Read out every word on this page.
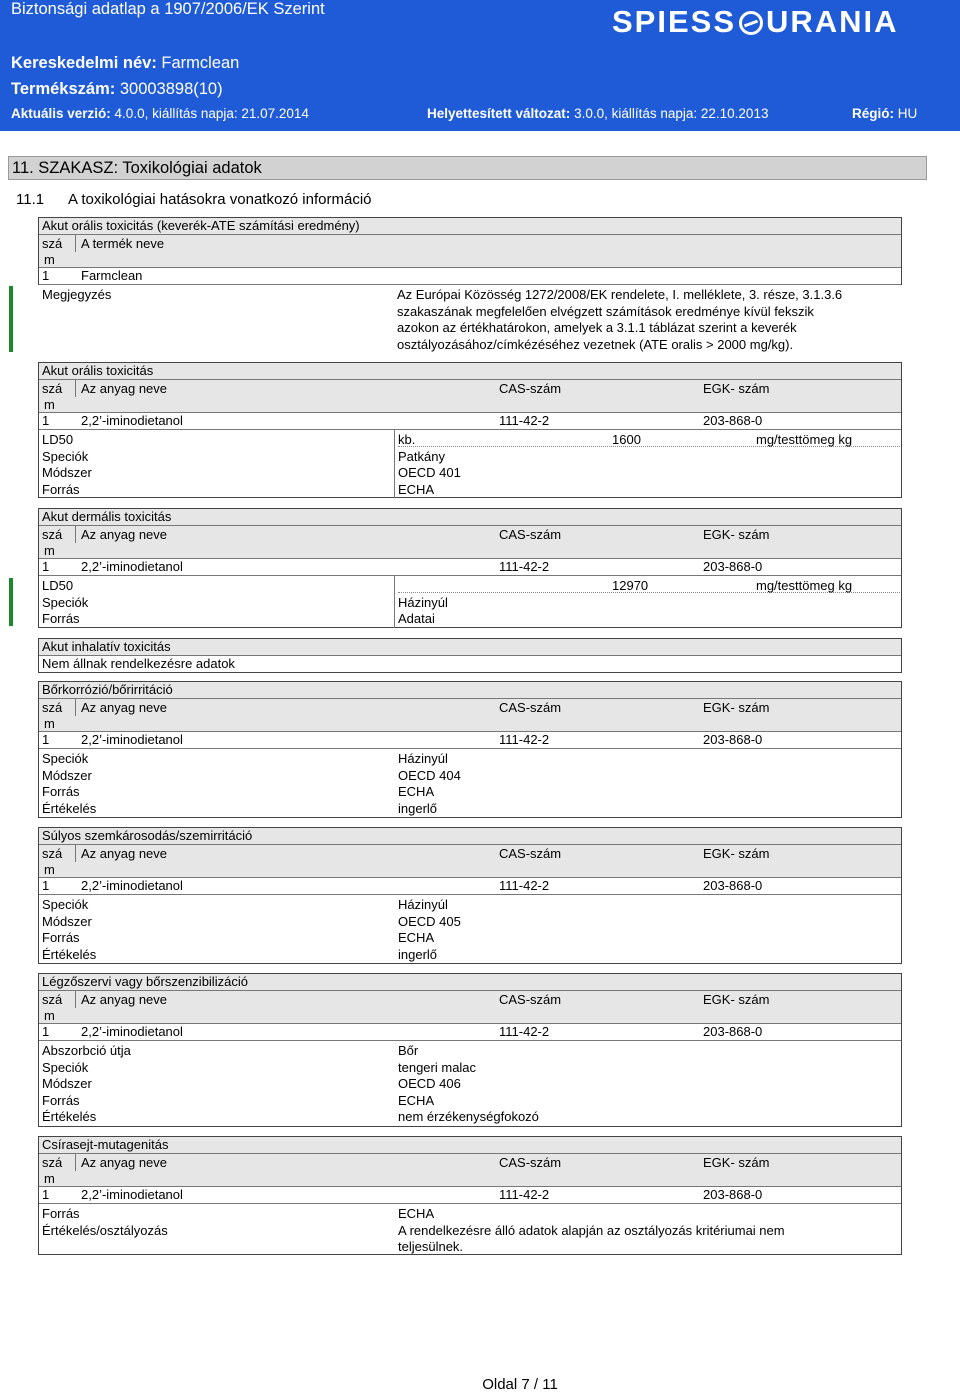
Biztonsági adatlap a 1907/2006/EK Szerint	SPIESS URANIA
Kereskedelmi név: Farmclean
Termékszám: 30003898(10)
Aktuális verzió: 4.0.0, kiállítás napja: 21.07.2014	Helyettesített változat: 3.0.0, kiállítás napja: 22.10.2013	Régió: HU
11. SZAKASZ: Toxikológiai adatok
11.1 A toxikológiai hatásokra vonatkozó információ
Akut orális toxicitás (keverék-ATE számítási eredmény)
szá
m
A termék neve
1 Farmclean
Megjegyzés	Az Európai Közösség 1272/2008/EK rendelete, I. melléklete, 3. része, 3.1.3.6
szakaszának megfelelően elvégzett számítások eredménye kívül fekszik
azokon az értékhatárokon, amelyek a 3.1.1 táblázat szerint a keverék
osztályozásához/címkézéséhez vezetnek (ATE oralis > 2000 mg/kg).
Akut orális toxicitás
szá
m
Az anyag neve	CAS-szám	EGK- szám
1 2,2’-iminodietanol	111-42-2	203-868-0
LD50	kb.	1600	mg/testtömeg kg
Speciók	Patkány
Módszer	OECD 401
Forrás	ECHA
Akut dermális toxicitás
szá
m
Az anyag neve	CAS-szám	EGK- szám
1 2,2’-iminodietanol	111-42-2	203-868-0
LD50	12970	mg/testtömeg kg
Speciók	Házinyúl
Forrás	Adatai
Akut inhalatív toxicitás
Nem állnak rendelkezésre adatok
Bőrkorrózió/bőrirritáció
szá
m
Az anyag neve	CAS-szám	EGK- szám
1 2,2’-iminodietanol	111-42-2	203-868-0
Speciók	Házinyúl
Módszer	OECD 404
Forrás	ECHA
Értékelés	ingerlő
Súlyos szemkárosodás/szemirritáció
szá
m
Az anyag neve	CAS-szám	EGK- szám
1 2,2’-iminodietanol	111-42-2	203-868-0
Speciók	Házinyúl
Módszer	OECD 405
Forrás	ECHA
Értékelés	ingerlő
Légzőszervi vagy bőrszenzibilizáció
szá
m
Az anyag neve	CAS-szám	EGK- szám
1 2,2’-iminodietanol	111-42-2	203-868-0
Abszorbció útja	Bőr
Speciók	tengeri malac
Módszer	OECD 406
Forrás	ECHA
Értékelés	nem érzékenységfokozó
Csírasejt-mutagenitás
szá
m
Az anyag neve	CAS-szám	EGK- szám
1 2,2’-iminodietanol	111-42-2	203-868-0
Forrás	ECHA
Értékelés/osztályozás	A rendelkezésre álló adatok alapján az osztályozás kritériumai nem
teljesülnek.
Oldal 7 / 11
